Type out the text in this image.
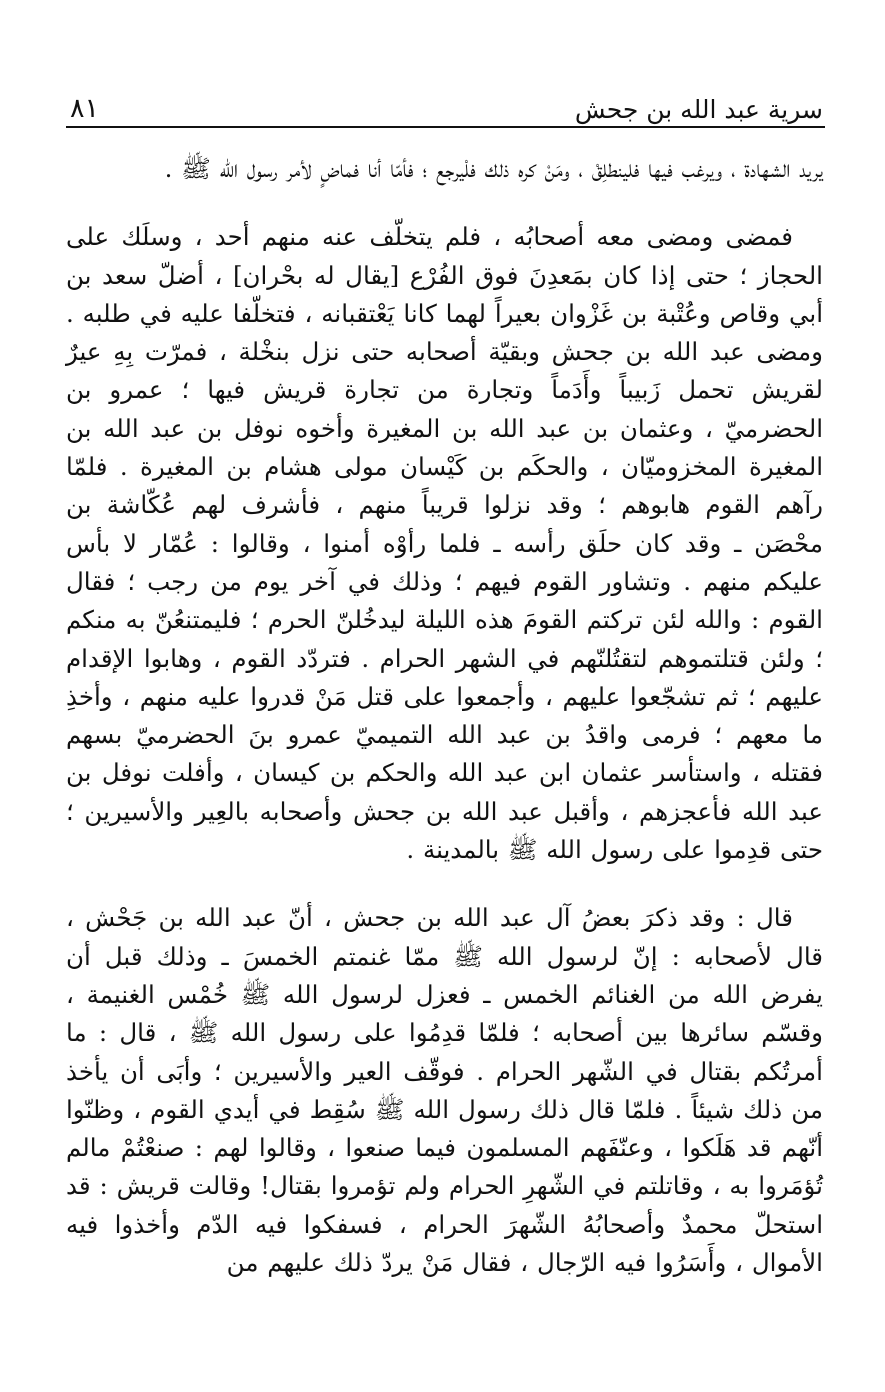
سرية عبد الله بن جحش
٨١

يريد الشهادة ، ويرغب فيها فلينطلِقْ ، ومَنْ كره ذلك فلْيرجع ؛ فأمّا أنا فماضٍ لأمر رسول الله ﷺ .

فمضى ومضى معه أصحابُه ، فلم يتخلّف عنه منهم أحد ، وسلَك على الحجاز ؛ حتى إذا كان بمَعدِنَ فوق الفُرْع [يقال له بحْران] ، أضلّ سعد بن أبي وقاص وعُتْبة بن غَزْوان بعيراً لهما كانا يَعْتقبانه ، فتخلّفا عليه في طلبه . ومضى عبد الله بن جحش وبقيّة أصحابه حتى نزل بنخْلة ، فمرّت بِهِ عيرٌ لقريش تحمل زَبيباً وأَدَماً وتجارة من تجارة قريش فيها ؛ عمرو بن الحضرميّ ، وعثمان بن عبد الله بن المغيرة وأخوه نوفل بن عبد الله بن المغيرة المخزوميّان ، والحكَم بن كَيْسان مولى هشام بن المغيرة . فلمّا رآهم القوم هابوهم ؛ وقد نزلوا قريباً منهم ، فأشرف لهم عُكّاشة بن محْصَن ـ وقد كان حلَق رأسه ـ فلما رأوْه أمنوا ، وقالوا : عُمّار لا بأس عليكم منهم . وتشاور القوم فيهم ؛ وذلك في آخر يوم من رجب ؛ فقال القوم : والله لئن تركتم القومَ هذه الليلة ليدخُلنّ الحرم ؛ فليمتنعُنّ به منكم ؛ ولئن قتلتموهم لتقتُلنّهم في الشهر الحرام . فتردّد القوم ، وهابوا الإقدام عليهم ؛ ثم تشجّعوا عليهم ، وأجمعوا على قتل مَنْ قدروا عليه منهم ، وأخذِ ما معهم ؛ فرمى واقدُ بن عبد الله التميميّ عمرو بنَ الحضرميّ بسهم فقتله ، واستأسر عثمان ابن عبد الله والحكم بن كيسان ، وأفلت نوفل بن عبد الله فأعجزهم ، وأقبل عبد الله بن جحش وأصحابه بالعِير والأسيرين ؛ حتى قدِموا على رسول الله ﷺ بالمدينة .

قال : وقد ذكرَ بعضُ آل عبد الله بن جحش ، أنّ عبد الله بن جَحْش ، قال لأصحابه : إنّ لرسول الله ﷺ ممّا غنمتم الخمسَ ـ وذلك قبل أن يفرض الله من الغنائم الخمس ـ فعزل لرسول الله ﷺ خُمْس الغنيمة ، وقسّم سائرها بين أصحابه ؛ فلمّا قدِمُوا على رسول الله ﷺ ، قال : ما أمرتُكم بقتال في الشّهر الحرام . فوقّف العير والأسيرين ؛ وأبَى أن يأخذ من ذلك شيئاً . فلمّا قال ذلك رسول الله ﷺ سُقِط في أيدي القوم ، وظنّوا أنّهم قد هَلَكوا ، وعنّفَهم المسلمون فيما صنعوا ، وقالوا لهم : صنعْتُمْ مالم تُؤمَروا به ، وقاتلتم في الشّهرِ الحرام ولم تؤمروا بقتال! وقالت قريش : قد استحلّ محمدٌ وأصحابُهُ الشّهرَ الحرام ، فسفكوا فيه الدّم وأخذوا فيه الأموال ، وأَسَرُوا فيه الرّجال ، فقال مَنْ يردّ ذلك عليهم من
